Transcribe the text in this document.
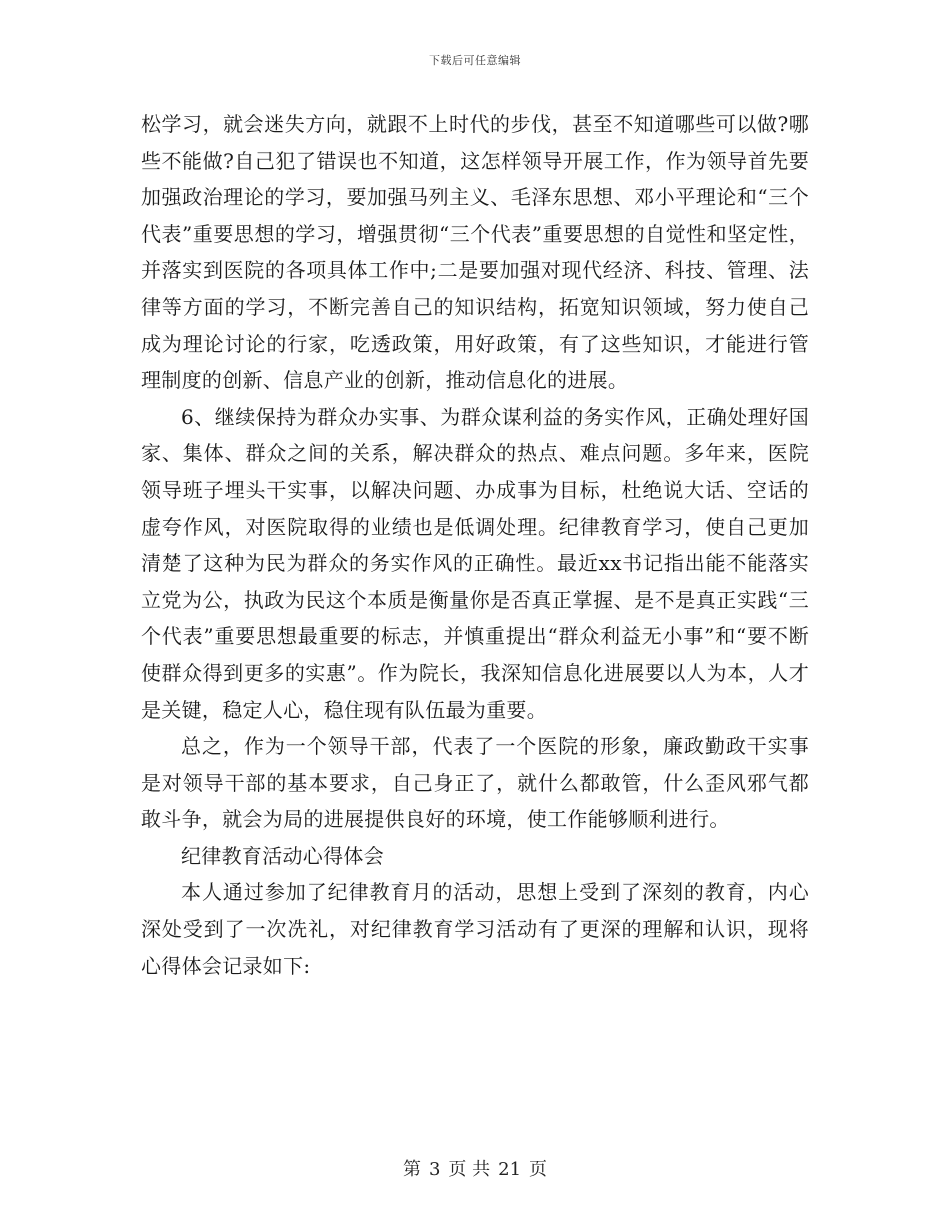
下载后可任意编辑

松学习，就会迷失方向，就跟不上时代的步伐，甚至不知道哪些可以做?哪些不能做?自己犯了错误也不知道，这怎样领导开展工作，作为领导首先要加强政治理论的学习，要加强马列主义、毛泽东思想、邓小平理论和“三个代表”重要思想的学习，增强贯彻“三个代表”重要思想的自觉性和坚定性，并落实到医院的各项具体工作中;二是要加强对现代经济、科技、管理、法律等方面的学习，不断完善自己的知识结构，拓宽知识领域，努力使自己成为理论讨论的行家，吃透政策，用好政策，有了这些知识，才能进行管理制度的创新、信息产业的创新，推动信息化的进展。

6、继续保持为群众办实事、为群众谋利益的务实作风，正确处理好国家、集体、群众之间的关系，解决群众的热点、难点问题。多年来，医院领导班子埋头干实事，以解决问题、办成事为目标，杜绝说大话、空话的虚夸作风，对医院取得的业绩也是低调处理。纪律教育学习，使自己更加清楚了这种为民为群众的务实作风的正确性。最近xx书记指出能不能落实立党为公，执政为民这个本质是衡量你是否真正掌握、是不是真正实践“三个代表”重要思想最重要的标志，并慎重提出“群众利益无小事”和“要不断使群众得到更多的实惠”。作为院长，我深知信息化进展要以人为本，人才是关键，稳定人心，稳住现有队伍最为重要。

总之，作为一个领导干部，代表了一个医院的形象，廉政勤政干实事是对领导干部的基本要求，自己身正了，就什么都敢管，什么歪风邪气都敢斗争，就会为局的进展提供良好的环境，使工作能够顺利进行。

纪律教育活动心得体会

本人通过参加了纪律教育月的活动，思想上受到了深刻的教育，内心深处受到了一次冼礼，对纪律教育学习活动有了更深的理解和认识，现将心得体会记录如下:

第 3 页 共 21 页
